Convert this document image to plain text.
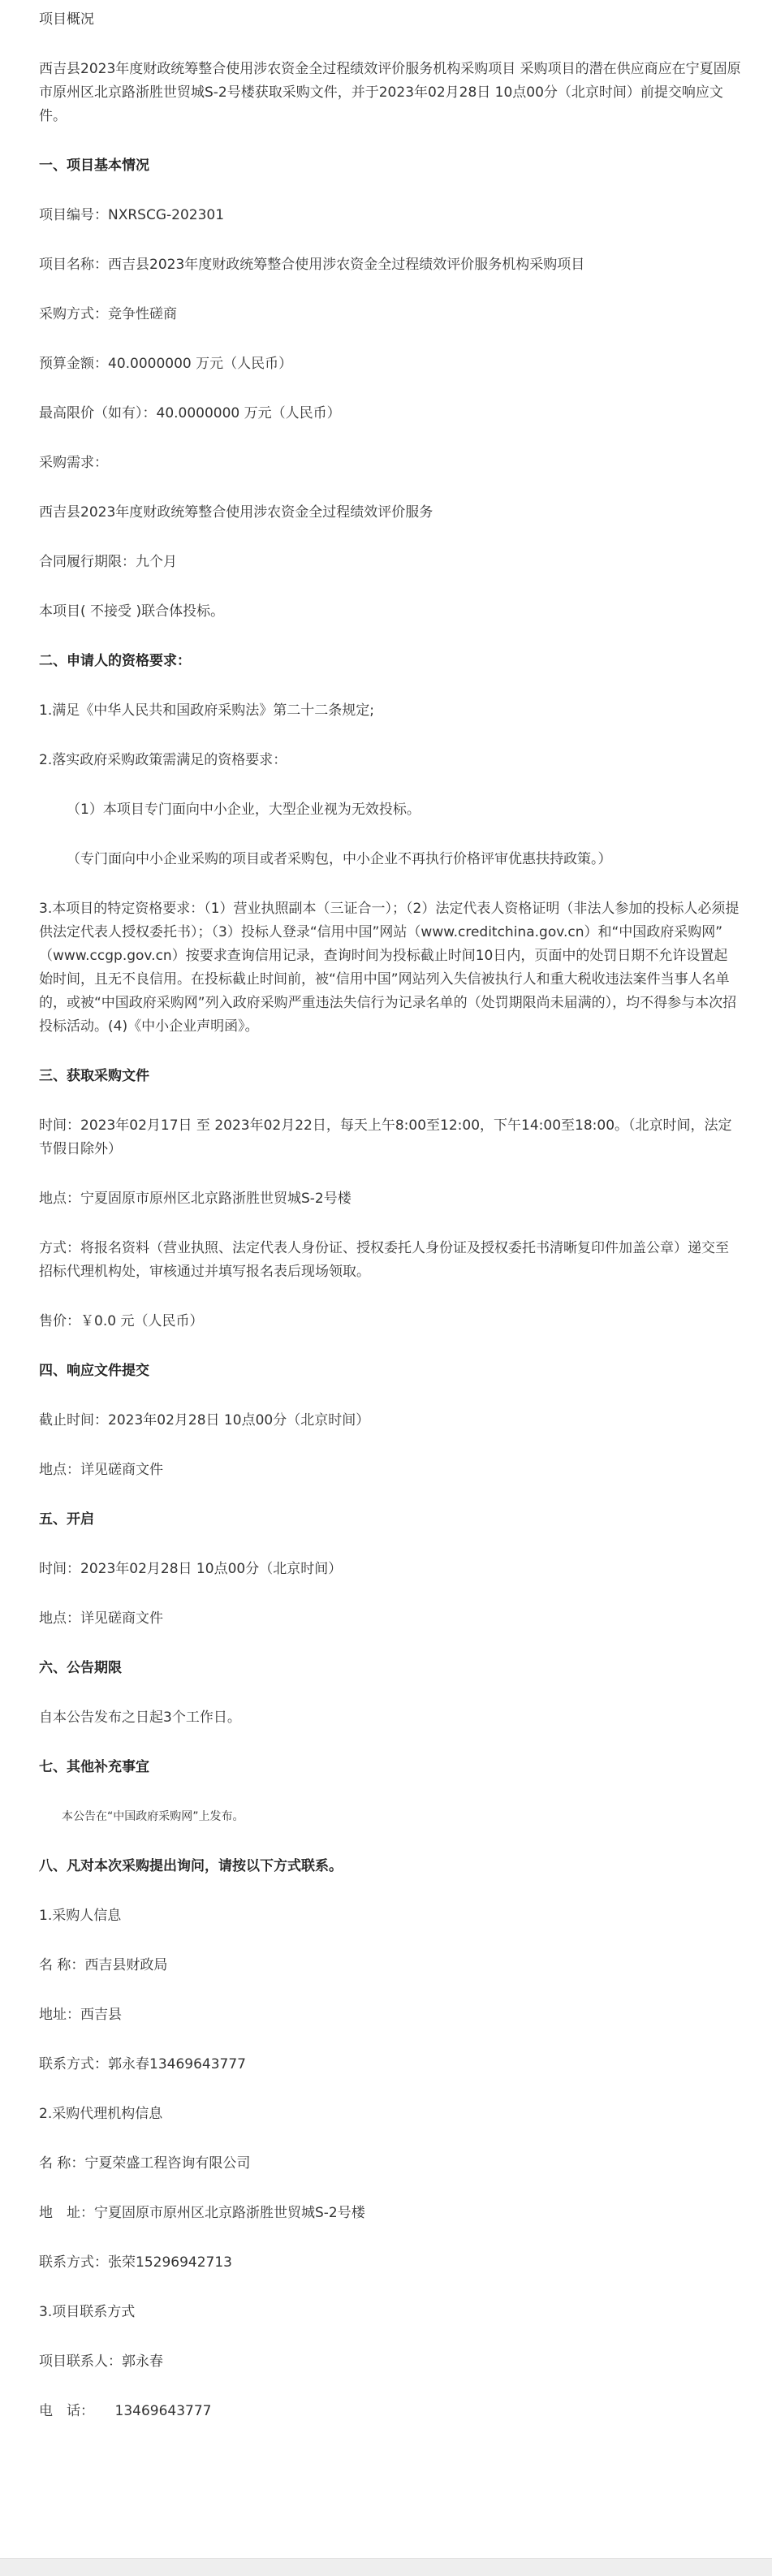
项目概况

西吉县2023年度财政统筹整合使用涉农资金全过程绩效评价服务机构采购项目 采购项目的潜在供应商应在宁夏固原市原州区北京路浙胜世贸城S-2号楼获取采购文件，并于2023年02月28日 10点00分（北京时间）前提交响应文件。

一、项目基本情况

项目编号：NXRSCG-202301

项目名称：西吉县2023年度财政统筹整合使用涉农资金全过程绩效评价服务机构采购项目

采购方式：竞争性磋商

预算金额：40.0000000 万元（人民币）

最高限价（如有）：40.0000000 万元（人民币）

采购需求：

西吉县2023年度财政统筹整合使用涉农资金全过程绩效评价服务

合同履行期限：九个月

本项目( 不接受 )联合体投标。

二、申请人的资格要求：

1.满足《中华人民共和国政府采购法》第二十二条规定;

2.落实政府采购政策需满足的资格要求：

（1）本项目专门面向中小企业，大型企业视为无效投标。

（专门面向中小企业采购的项目或者采购包，中小企业不再执行价格评审优惠扶持政策。）

3.本项目的特定资格要求：（1）营业执照副本（三证合一）；（2）法定代表人资格证明（非法人参加的投标人必须提供法定代表人授权委托书）；（3）投标人登录“信用中国”网站（www.creditchina.gov.cn）和“中国政府采购网” （www.ccgp.gov.cn）按要求查询信用记录，查询时间为投标截止时间10日内，页面中的处罚日期不允许设置起始时间，且无不良信用。在投标截止时间前，被“信用中国”网站列入失信被执行人和重大税收违法案件当事人名单的，或被“中国政府采购网”列入政府采购严重违法失信行为记录名单的（处罚期限尚未届满的），均不得参与本次招投标活动。(4)《中小企业声明函》。

三、获取采购文件

时间：2023年02月17日 至 2023年02月22日，每天上午8:00至12:00，下午14:00至18:00。（北京时间，法定节假日除外）

地点：宁夏固原市原州区北京路浙胜世贸城S-2号楼

方式：将报名资料（营业执照、法定代表人身份证、授权委托人身份证及授权委托书清晰复印件加盖公章）递交至招标代理机构处，审核通过并填写报名表后现场领取。

售价：￥0.0 元（人民币）

四、响应文件提交

截止时间：2023年02月28日 10点00分（北京时间）

地点：详见磋商文件

五、开启

时间：2023年02月28日 10点00分（北京时间）

地点：详见磋商文件

六、公告期限

自本公告发布之日起3个工作日。

七、其他补充事宜

本公告在“中国政府采购网”上发布。

八、凡对本次采购提出询问，请按以下方式联系。

1.采购人信息

名 称：西吉县财政局

地址：西吉县

联系方式：郭永春13469643777

2.采购代理机构信息

名 称：宁夏荣盛工程咨询有限公司

地　址：宁夏固原市原州区北京路浙胜世贸城S-2号楼

联系方式：张荣15296942713

3.项目联系方式

项目联系人：郭永春

电　话：　　13469643777
